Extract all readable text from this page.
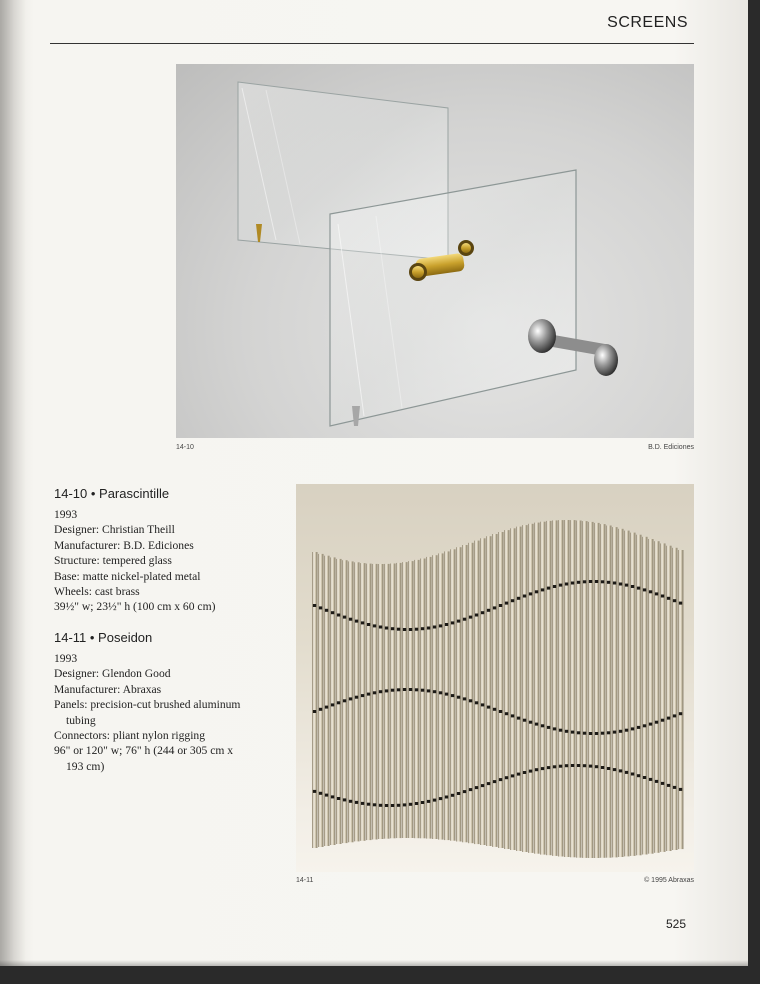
SCREENS
14-10	B.D. Ediciones
14-11	© 1995 Abraxas
14-10 • Parascintille
1993
Designer: Christian Theill
Manufacturer: B.D. Ediciones
Structure: tempered glass
Base: matte nickel-plated metal
Wheels: cast brass
39½" w; 23½" h (100 cm x 60 cm)
14-11 • Poseidon
1993
Designer: Glendon Good
Manufacturer: Abraxas
Panels: precision-cut brushed aluminum
tubing
Connectors: pliant nylon rigging
96" or 120" w; 76" h (244 or 305 cm x
193 cm)
525
